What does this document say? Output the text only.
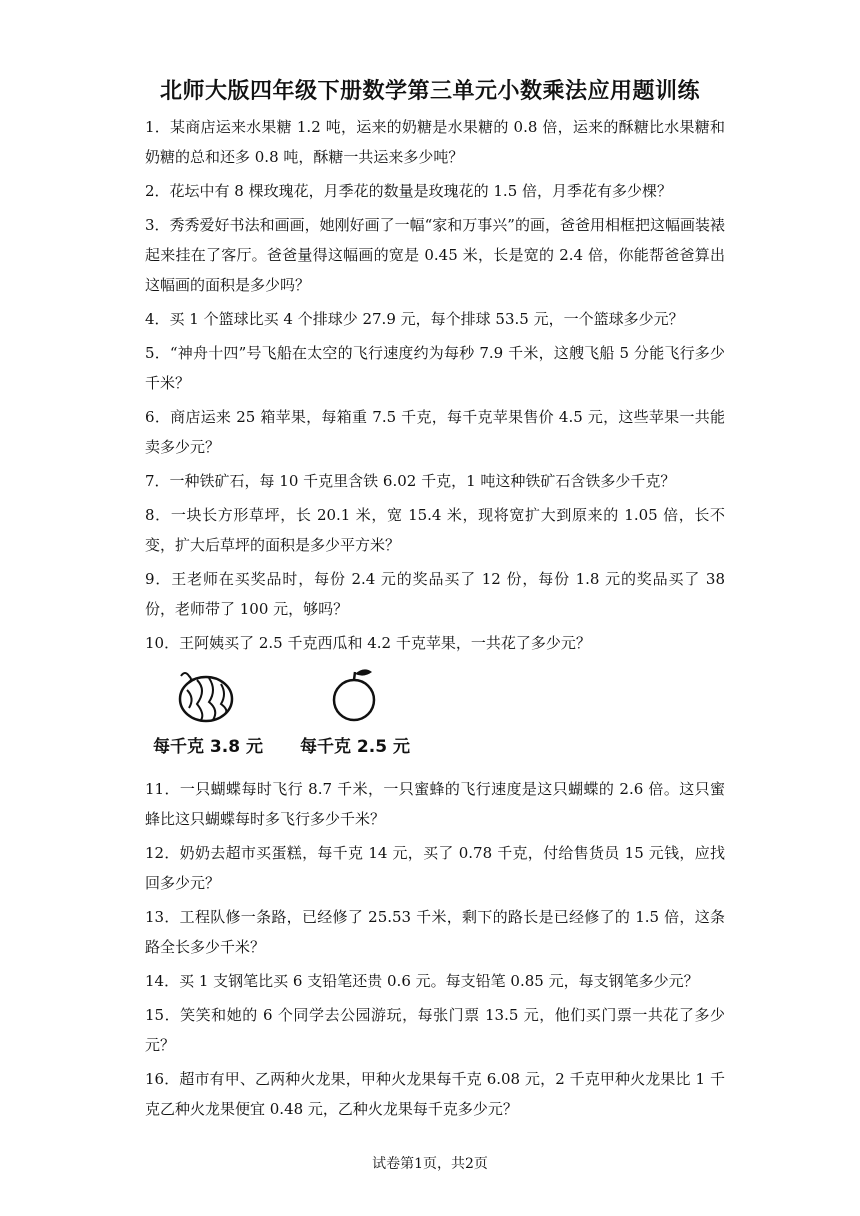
北师大版四年级下册数学第三单元小数乘法应用题训练

1．某商店运来水果糖 1.2 吨，运来的奶糖是水果糖的 0.8 倍，运来的酥糖比水果糖和奶糖的总和还多 0.8 吨，酥糖一共运来多少吨？

2．花坛中有 8 棵玫瑰花，月季花的数量是玫瑰花的 1.5 倍，月季花有多少棵？

3．秀秀爱好书法和画画，她刚好画了一幅“家和万事兴”的画，爸爸用相框把这幅画装裱起来挂在了客厅。爸爸量得这幅画的宽是 0.45 米，长是宽的 2.4 倍，你能帮爸爸算出这幅画的面积是多少吗？

4．买 1 个篮球比买 4 个排球少 27.9 元，每个排球 53.5 元，一个篮球多少元？

5．“神舟十四”号飞船在太空的飞行速度约为每秒 7.9 千米，这艘飞船 5 分能飞行多少千米？

6．商店运来 25 箱苹果，每箱重 7.5 千克，每千克苹果售价 4.5 元，这些苹果一共能卖多少元？

7．一种铁矿石，每 10 千克里含铁 6.02 千克，1 吨这种铁矿石含铁多少千克？

8．一块长方形草坪，长 20.1 米，宽 15.4 米，现将宽扩大到原来的 1.05 倍，长不变，扩大后草坪的面积是多少平方米？

9．王老师在买奖品时，每份 2.4 元的奖品买了 12 份，每份 1.8 元的奖品买了 38 份，老师带了 100 元，够吗？

10．王阿姨买了 2.5 千克西瓜和 4.2 千克苹果，一共花了多少元？

每千克 3.8 元 每千克 2.5 元

11．一只蝴蝶每时飞行 8.7 千米，一只蜜蜂的飞行速度是这只蝴蝶的 2.6 倍。这只蜜蜂比这只蝴蝶每时多飞行多少千米？

12．奶奶去超市买蛋糕，每千克 14 元，买了 0.78 千克，付给售货员 15 元钱，应找回多少元？

13．工程队修一条路，已经修了 25.53 千米，剩下的路长是已经修了的 1.5 倍，这条路全长多少千米？

14．买 1 支钢笔比买 6 支铅笔还贵 0.6 元。每支铅笔 0.85 元，每支钢笔多少元？

15．笑笑和她的 6 个同学去公园游玩，每张门票 13.5 元，他们买门票一共花了多少元？

16．超市有甲、乙两种火龙果，甲种火龙果每千克 6.08 元，2 千克甲种火龙果比 1 千克乙种火龙果便宜 0.48 元，乙种火龙果每千克多少元？

试卷第1页，共2页
